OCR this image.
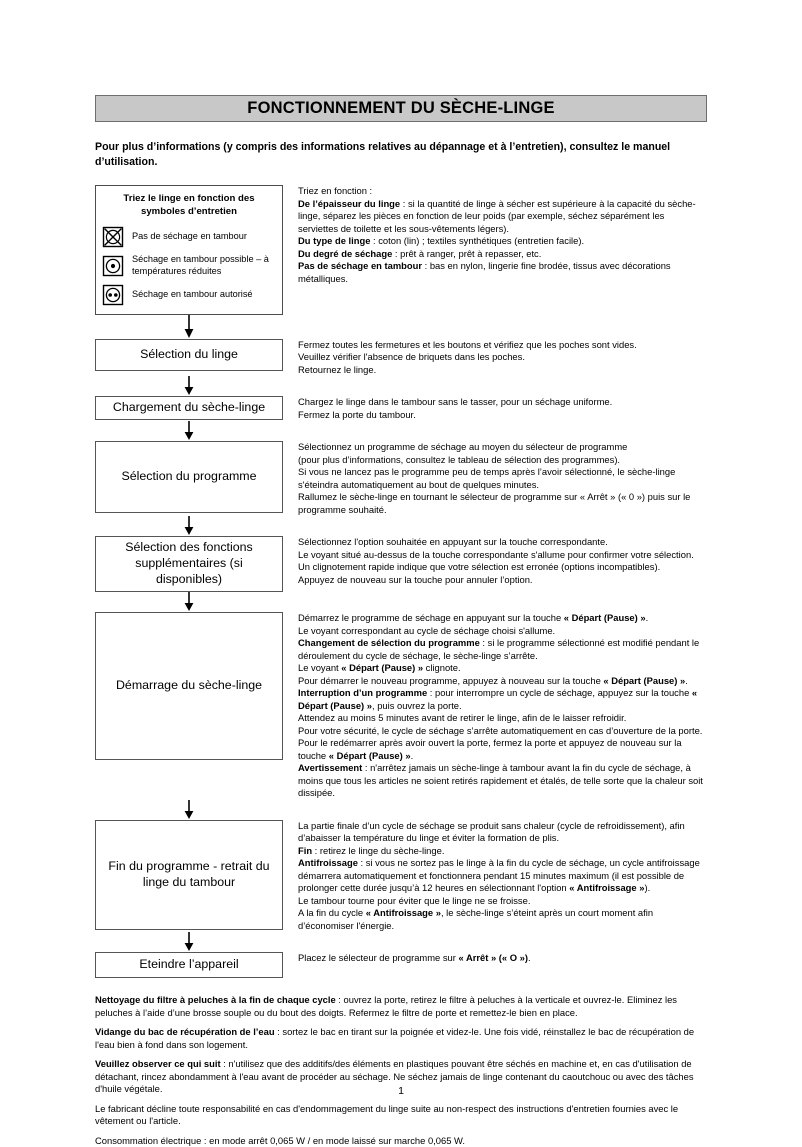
FONCTIONNEMENT DU SÈCHE-LINGE
Pour plus d’informations (y compris des informations relatives au dépannage et à l’entretien), consultez le manuel d’utilisation.
Triez le linge en fonction des symboles d’entretien
Pas de séchage en tambour
Séchage en tambour possible – à températures réduites
Séchage en tambour autorisé

Triez en fonction :

De l’épaisseur du linge : si la quantité de linge à sécher est supérieure à la capacité du sèche-linge, séparez les pièces en fonction de leur poids (par exemple, séchez séparément les serviettes de toilette et les sous-vêtements légers).

Du type de linge : coton (lin) ; textiles synthétiques (entretien facile).

Du degré de séchage : prêt à ranger, prêt à repasser, etc.

Pas de séchage en tambour : bas en nylon, lingerie fine brodée, tissus avec décorations métalliques.

Sélection du linge

Fermez toutes les fermetures et les boutons et vérifiez que les poches sont vides.

Veuillez vérifier l'absence de briquets dans les poches.

Retournez le linge.

Chargement du sèche-linge	Chargez le linge dans le tambour sans le tasser, pour un séchage uniforme.

Fermez la porte du tambour.

Sélection du programme

Sélectionnez un programme de séchage au moyen du sélecteur de programme

(pour plus d’informations, consultez le tableau de sélection des programmes).

Si vous ne lancez pas le programme peu de temps après l’avoir sélectionné, le sèche-linge s'éteindra automatiquement au bout de quelques minutes.

Rallumez le sèche-linge en tournant le sélecteur de programme sur « Arrêt » (« 0 ») puis sur le programme souhaité.

Sélection des fonctions supplémentaires (si disponibles)

Sélectionnez l'option souhaitée en appuyant sur la touche correspondante.

Le voyant situé au-dessus de la touche correspondante s'allume pour confirmer votre sélection.

Un clignotement rapide indique que votre sélection est erronée (options incompatibles).

Appuyez de nouveau sur la touche pour annuler l’option.

Démarrage du sèche-linge

Démarrez le programme de séchage en appuyant sur la touche « Départ (Pause) ».

Le voyant correspondant au cycle de séchage choisi s'allume.

Changement de sélection du programme : si le programme sélectionné est modifié pendant le déroulement du cycle de séchage, le sèche-linge s’arrête.

Le voyant « Départ (Pause) » clignote.

Pour démarrer le nouveau programme, appuyez à nouveau sur la touche « Départ (Pause) ».

Interruption d’un programme : pour interrompre un cycle de séchage, appuyez sur la touche « Départ (Pause) », puis ouvrez la porte.

Attendez au moins 5 minutes avant de retirer le linge, afin de le laisser refroidir.

Pour votre sécurité, le cycle de séchage s’arrête automatiquement en cas d’ouverture de la porte.

Pour le redémarrer après avoir ouvert la porte, fermez la porte et appuyez de nouveau sur la touche « Départ (Pause) ».

Avertissement : n'arrêtez jamais un sèche-linge à tambour avant la fin du cycle de séchage, à moins que tous les articles ne soient retirés rapidement et étalés, de telle sorte que la chaleur soit dissipée.

Fin du programme - retrait du linge du tambour

La partie finale d’un cycle de séchage se produit sans chaleur (cycle de refroidissement), afin d’abaisser la température du linge et éviter la formation de plis.

Fin : retirez le linge du sèche-linge.

Antifroissage : si vous ne sortez pas le linge à la fin du cycle de séchage, un cycle antifroissage démarrera automatiquement et fonctionnera pendant 15 minutes maximum (il est possible de prolonger cette durée jusqu’à 12 heures en sélectionnant l'option « Antifroissage »).

Le tambour tourne pour éviter que le linge ne se froisse.

A la fin du cycle « Antifroissage », le sèche-linge s’éteint après un court moment afin d’économiser l'énergie.

Eteindre l’appareil	Placez le sélecteur de programme sur « Arrêt » (« O »).

Nettoyage du filtre à peluches à la fin de chaque cycle : ouvrez la porte, retirez le filtre à peluches à la verticale et ouvrez-le. Eliminez les peluches à l’aide d’une brosse souple ou du bout des doigts. Refermez le filtre de porte et remettez-le bien en place.

Vidange du bac de récupération de l’eau : sortez le bac en tirant sur la poignée et videz-le. Une fois vidé, réinstallez le bac de récupération de l'eau bien à fond dans son logement.

Veuillez observer ce qui suit : n'utilisez que des additifs/des éléments en plastiques pouvant être séchés en machine et, en cas d'utilisation de détachant, rincez abondamment à l'eau avant de procéder au séchage. Ne séchez jamais de linge contenant du caoutchouc ou avec des tâches d'huile végétale.

Le fabricant décline toute responsabilité en cas d'endommagement du linge suite au non-respect des instructions d'entretien fournies avec le vêtement ou l'article.

Consommation électrique : en mode arrêt 0,065 W / en mode laissé sur marche 0,065 W.

1
